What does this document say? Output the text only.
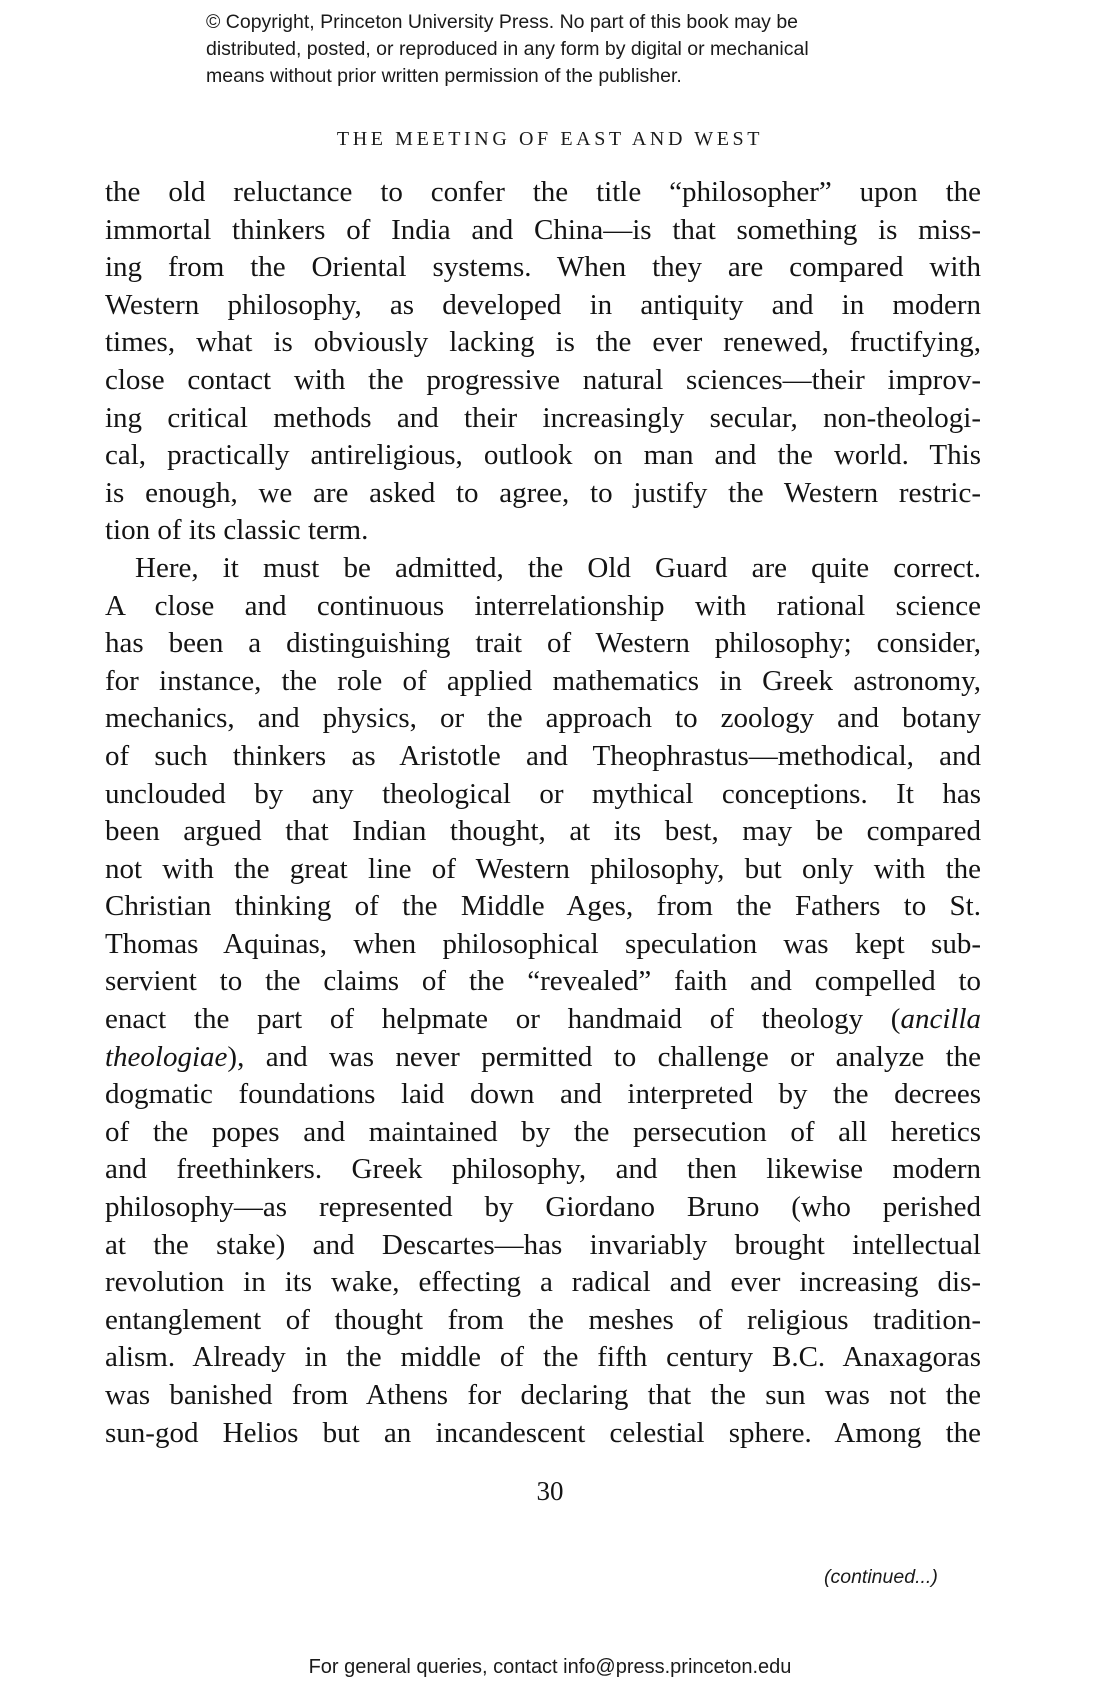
© Copyright, Princeton University Press. No part of this book may be
distributed, posted, or reproduced in any form by digital or mechanical
means without prior written permission of the publisher.
THE MEETING OF EAST AND WEST
the old reluctance to confer the title “philosopher” upon the
immortal thinkers of India and China—is that something is miss-
ing from the Oriental systems. When they are compared with
Western philosophy, as developed in antiquity and in modern
times, what is obviously lacking is the ever renewed, fructifying,
close contact with the progressive natural sciences—their improv-
ing critical methods and their increasingly secular, non-theologi-
cal, practically antireligious, outlook on man and the world. This
is enough, we are asked to agree, to justify the Western restric-
tion of its classic term.
Here, it must be admitted, the Old Guard are quite correct.
A close and continuous interrelationship with rational science
has been a distinguishing trait of Western philosophy; consider,
for instance, the role of applied mathematics in Greek astronomy,
mechanics, and physics, or the approach to zoology and botany
of such thinkers as Aristotle and Theophrastus—methodical, and
unclouded by any theological or mythical conceptions. It has
been argued that Indian thought, at its best, may be compared
not with the great line of Western philosophy, but only with the
Christian thinking of the Middle Ages, from the Fathers to St.
Thomas Aquinas, when philosophical speculation was kept sub-
servient to the claims of the “revealed” faith and compelled to
enact the part of helpmate or handmaid of theology (ancilla
theologiae), and was never permitted to challenge or analyze the
dogmatic foundations laid down and interpreted by the decrees
of the popes and maintained by the persecution of all heretics
and freethinkers. Greek philosophy, and then likewise modern
philosophy—as represented by Giordano Bruno (who perished
at the stake) and Descartes—has invariably brought intellectual
revolution in its wake, effecting a radical and ever increasing dis-
entanglement of thought from the meshes of religious tradition-
alism. Already in the middle of the fifth century B.C. Anaxagoras
was banished from Athens for declaring that the sun was not the
sun-god Helios but an incandescent celestial sphere. Among the
30
(continued...)
For general queries, contact info@press.princeton.edu
